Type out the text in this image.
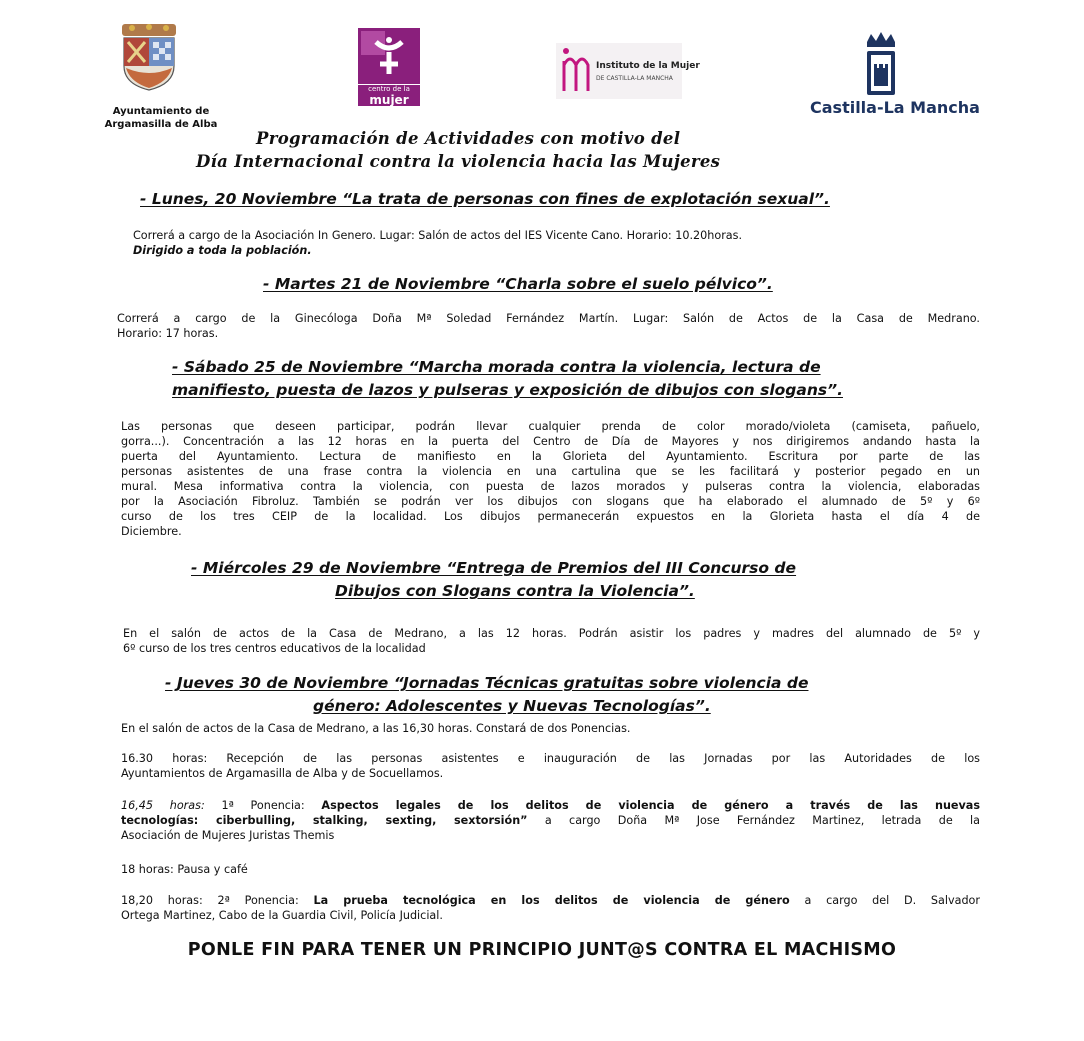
Ayuntamiento de
Argamasilla de Alba
centro de la
mujer
Instituto de la Mujer
DE CASTILLA-LA MANCHA
Castilla-La Mancha
Programación de Actividades con motivo del
Día Internacional contra la violencia hacia las Mujeres
- Lunes, 20 Noviembre “La trata de personas con fines de explotación sexual”.
Correrá a cargo de la Asociación In Genero. Lugar: Salón de actos del IES Vicente Cano. Horario: 10.20horas.
Dirigido a toda la población.
- Martes 21 de Noviembre “Charla sobre el suelo pélvico”.
Correrá a cargo de la Ginecóloga Doña Mª Soledad Fernández Martín. Lugar: Salón de Actos de la Casa de Medrano.
Horario: 17 horas.
- Sábado 25 de Noviembre “Marcha morada contra la violencia, lectura de
manifiesto, puesta de lazos y pulseras y exposición de dibujos con slogans”.
Las personas que deseen participar, podrán llevar cualquier prenda de color morado/violeta (camiseta, pañuelo,
gorra...). Concentración a las 12 horas en la puerta del Centro de Día de Mayores y nos dirigiremos andando hasta la
puerta del Ayuntamiento. Lectura de manifiesto en la Glorieta del Ayuntamiento. Escritura por parte de las
personas asistentes de una frase contra la violencia en una cartulina que se les facilitará y posterior pegado en un
mural. Mesa informativa contra la violencia, con puesta de lazos morados y pulseras contra la violencia, elaboradas
por la Asociación Fibroluz. También se podrán ver los dibujos con slogans que ha elaborado el alumnado de 5º y 6º
curso de los tres CEIP de la localidad. Los dibujos permanecerán expuestos en la Glorieta hasta el día 4 de
Diciembre.
- Miércoles 29 de Noviembre “Entrega de Premios del III Concurso de
Dibujos con Slogans contra la Violencia”.
En el salón de actos de la Casa de Medrano, a las 12 horas. Podrán asistir los padres y madres del alumnado de 5º y
6º curso de los tres centros educativos de la localidad
- Jueves 30 de Noviembre “Jornadas Técnicas gratuitas sobre violencia de
género: Adolescentes y Nuevas Tecnologías”.
En el salón de actos de la Casa de Medrano, a las 16,30 horas. Constará de dos Ponencias.
16.30 horas: Recepción de las personas asistentes e inauguración de las Jornadas por las Autoridades de los
Ayuntamientos de Argamasilla de Alba y de Socuellamos.
16,45 horas: 1ª Ponencia: Aspectos legales de los delitos de violencia de género a través de las nuevas
tecnologías: ciberbulling, stalking, sexting, sextorsión” a cargo Doña Mª Jose Fernández Martinez, letrada de la
Asociación de Mujeres Juristas Themis
18 horas: Pausa y café
18,20 horas: 2ª Ponencia: La prueba tecnológica en los delitos de violencia de género a cargo del D. Salvador
Ortega Martinez, Cabo de la Guardia Civil, Policía Judicial.
PONLE FIN PARA TENER UN PRINCIPIO JUNT@S CONTRA EL MACHISMO
